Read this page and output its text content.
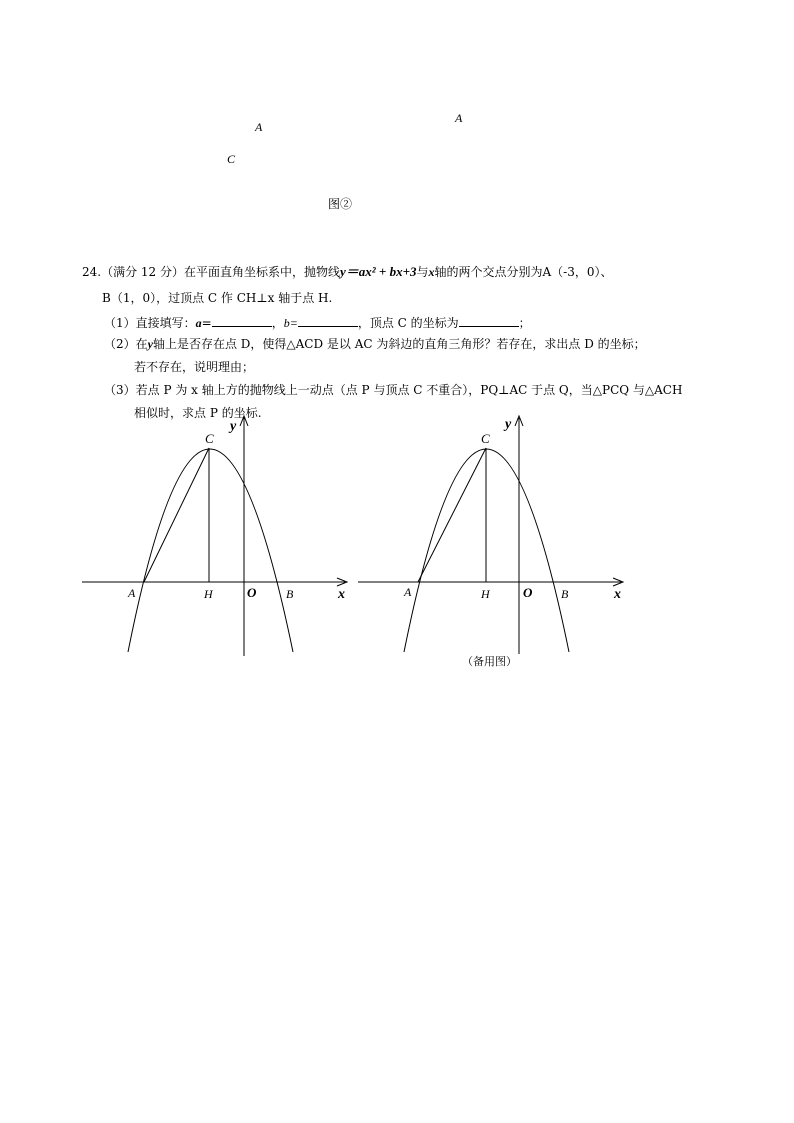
A
A
C
图②
24.（满分 12 分）在平面直角坐标系中，抛物线y＝ax² + bx+3与x轴的两个交点分别为A（-3，0）、
B（1，0），过顶点 C 作 CH⊥x 轴于点 H.
（1）直接填写：a=	，b=	，顶点 C 的坐标为	；
（2）在y轴上是否存在点 D，使得△ACD 是以 AC 为斜边的直角三角形？若存在，求出点 D 的坐标；
若不存在，说明理由；
（3）若点 P 为 x 轴上方的抛物线上一动点（点 P 与顶点 C 不重合），PQ⊥AC 于点 Q，当△PCQ 与△ACH
相似时，求点 P 的坐标.
y
C
A	H	O B	x
y
C
A	H	O B	x
（备用图）
